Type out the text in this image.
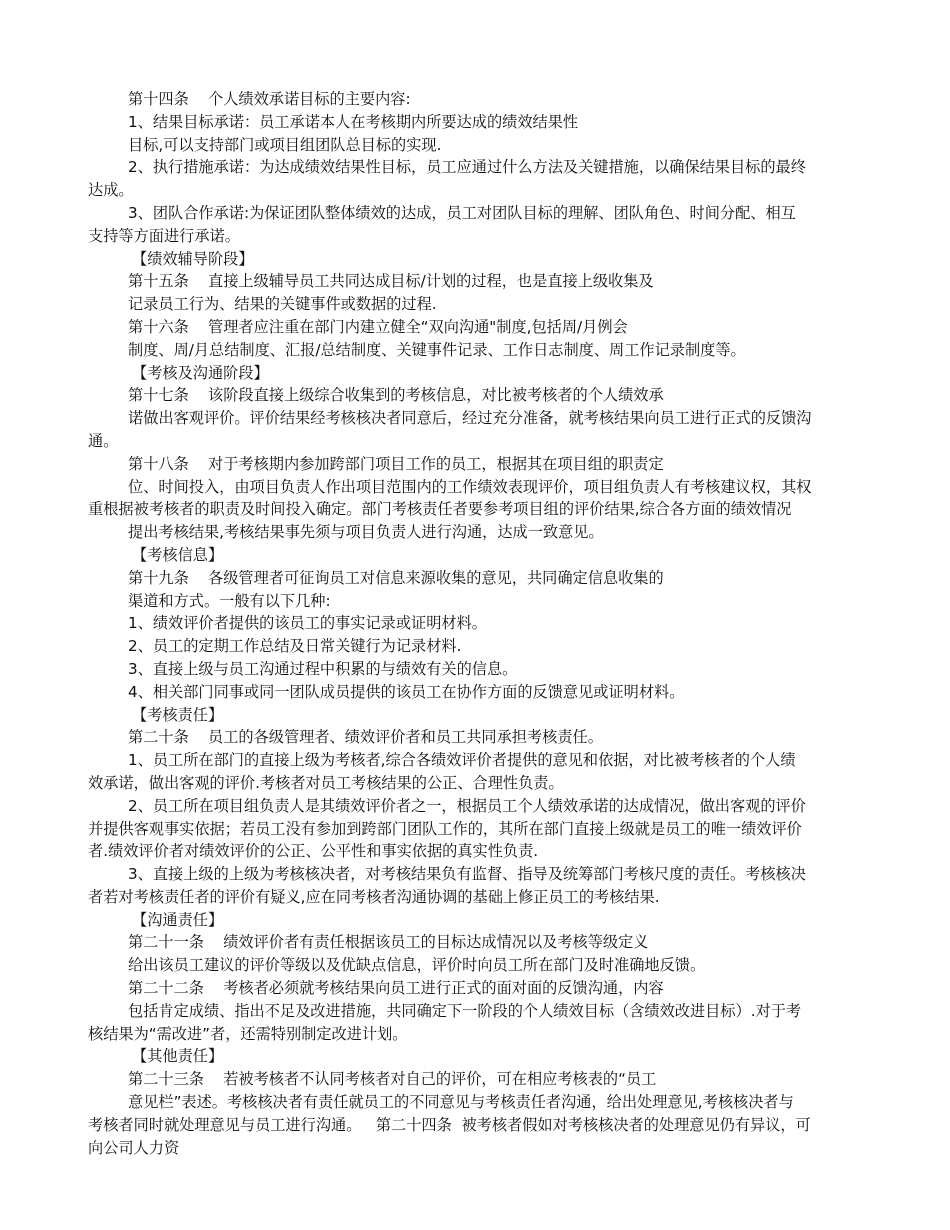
第十四条    个人绩效承诺目标的主要内容:
1、结果目标承诺：员工承诺本人在考核期内所要达成的绩效结果性
目标,可以支持部门或项目组团队总目标的实现.
2、执行措施承诺：为达成绩效结果性目标，员工应通过什么方法及关键措施，以确保结果目标的最终
达成。
3、团队合作承诺:为保证团队整体绩效的达成，员工对团队目标的理解、团队角色、时间分配、相互
支持等方面进行承诺。
【绩效辅导阶段】
第十五条    直接上级辅导员工共同达成目标/计划的过程，也是直接上级收集及
记录员工行为、结果的关键事件或数据的过程.
第十六条    管理者应注重在部门内建立健全“双向沟通"制度,包括周/月例会
制度、周/月总结制度、汇报/总结制度、关键事件记录、工作日志制度、周工作记录制度等。
【考核及沟通阶段】
第十七条    该阶段直接上级综合收集到的考核信息，对比被考核者的个人绩效承
诺做出客观评价。评价结果经考核核决者同意后，经过充分准备，就考核结果向员工进行正式的反馈沟
通。
第十八条    对于考核期内参加跨部门项目工作的员工，根据其在项目组的职责定
位、时间投入，由项目负责人作出项目范围内的工作绩效表现评价，项目组负责人有考核建议权，其权
重根据被考核者的职责及时间投入确定。部门考核责任者要参考项目组的评价结果,综合各方面的绩效情况
提出考核结果,考核结果事先须与项目负责人进行沟通，达成一致意见。
【考核信息】
第十九条    各级管理者可征询员工对信息来源收集的意见，共同确定信息收集的
渠道和方式。一般有以下几种:
1、绩效评价者提供的该员工的事实记录或证明材料。
2、员工的定期工作总结及日常关键行为记录材料.
3、直接上级与员工沟通过程中积累的与绩效有关的信息。
4、相关部门同事或同一团队成员提供的该员工在协作方面的反馈意见或证明材料。
【考核责任】
第二十条    员工的各级管理者、绩效评价者和员工共同承担考核责任。
1、员工所在部门的直接上级为考核者,综合各绩效评价者提供的意见和依据，对比被考核者的个人绩
效承诺，做出客观的评价.考核者对员工考核结果的公正、合理性负责。
2、员工所在项目组负责人是其绩效评价者之一，根据员工个人绩效承诺的达成情况，做出客观的评价
并提供客观事实依据；若员工没有参加到跨部门团队工作的，其所在部门直接上级就是员工的唯一绩效评价
者.绩效评价者对绩效评价的公正、公平性和事实依据的真实性负责.
3、直接上级的上级为考核核决者，对考核结果负有监督、指导及统筹部门考核尺度的责任。考核核决
者若对考核责任者的评价有疑义,应在同考核者沟通协调的基础上修正员工的考核结果.
【沟通责任】
第二十一条    绩效评价者有责任根据该员工的目标达成情况以及考核等级定义
给出该员工建议的评价等级以及优缺点信息，评价时向员工所在部门及时准确地反馈。
第二十二条    考核者必须就考核结果向员工进行正式的面对面的反馈沟通，内容
包括肯定成绩、指出不足及改进措施，共同确定下一阶段的个人绩效目标（含绩效改进目标）.对于考
核结果为“需改进”者，还需特别制定改进计划。
【其他责任】
第二十三条    若被考核者不认同考核者对自己的评价，可在相应考核表的“员工
意见栏”表述。考核核决者有责任就员工的不同意见与考核责任者沟通，给出处理意见,考核核决者与
考核者同时就处理意见与员工进行沟通。   第二十四条  被考核者假如对考核核决者的处理意见仍有异议，可
向公司人力资
